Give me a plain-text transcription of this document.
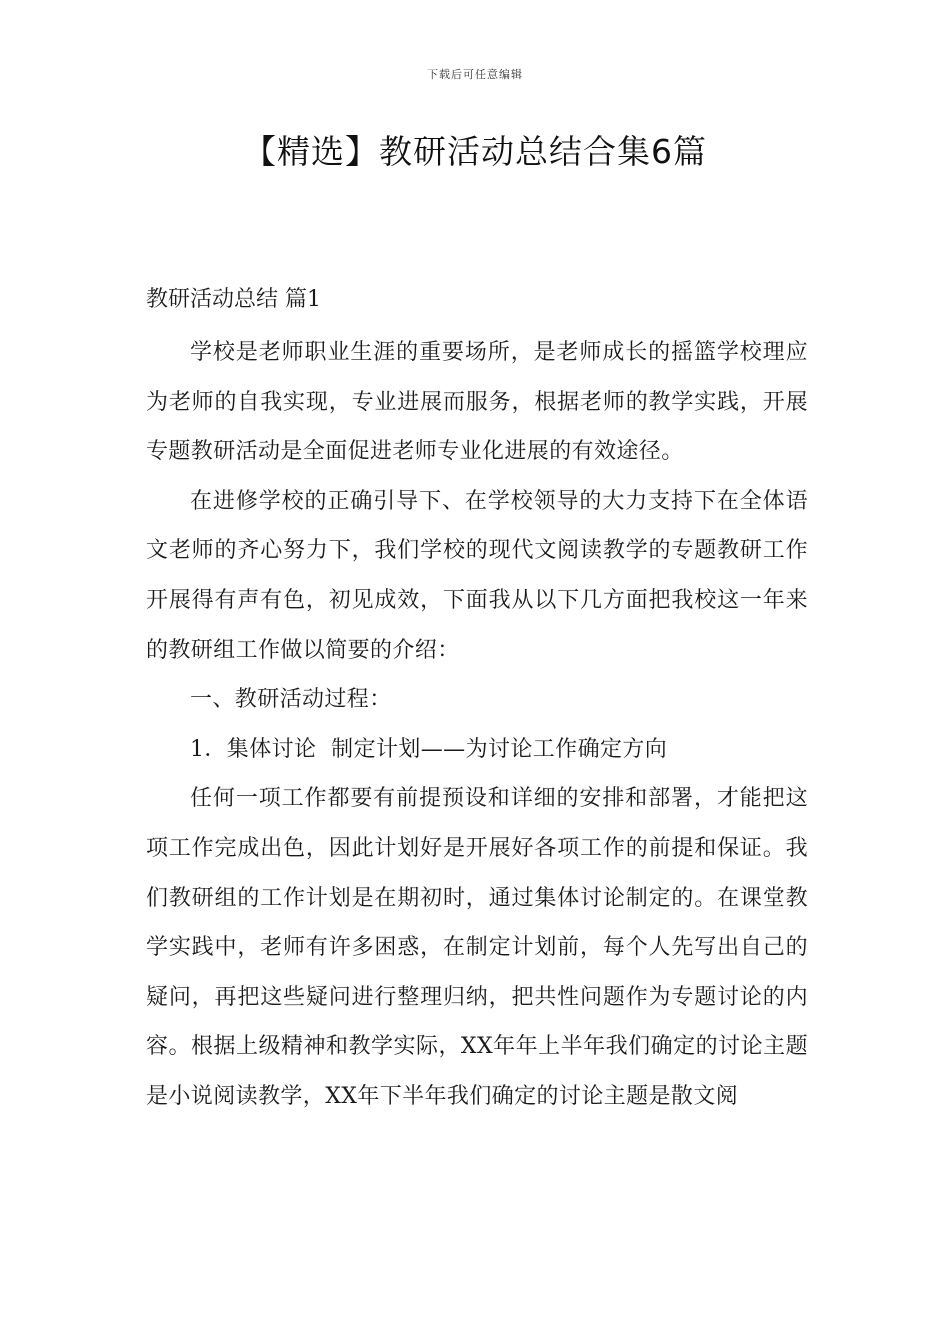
下载后可任意编辑
【精选】教研活动总结合集6篇
教研活动总结 篇1

学校是老师职业生涯的重要场所，是老师成长的摇篮学校理应为老师的自我实现，专业进展而服务，根据老师的教学实践，开展专题教研活动是全面促进老师专业化进展的有效途径。

在进修学校的正确引导下、在学校领导的大力支持下在全体语文老师的齐心努力下，我们学校的现代文阅读教学的专题教研工作开展得有声有色，初见成效，下面我从以下几方面把我校这一年来的教研组工作做以简要的介绍：

一、教研活动过程：

1．集体讨论  制定计划——为讨论工作确定方向

任何一项工作都要有前提预设和详细的安排和部署，才能把这项工作完成出色，因此计划好是开展好各项工作的前提和保证。我们教研组的工作计划是在期初时，通过集体讨论制定的。在课堂教学实践中，老师有许多困惑，在制定计划前，每个人先写出自己的疑问，再把这些疑问进行整理归纳，把共性问题作为专题讨论的内容。根据上级精神和教学实际，XX年年上半年我们确定的讨论主题是小说阅读教学，XX年下半年我们确定的讨论主题是散文阅
